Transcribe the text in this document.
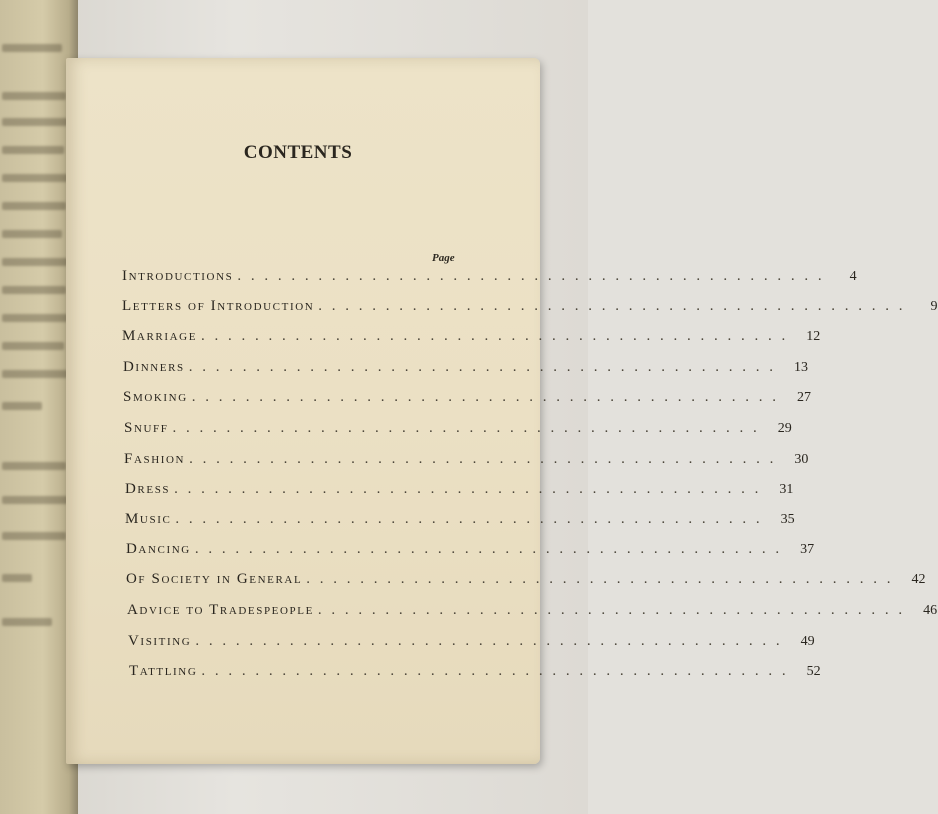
CONTENTS
Page
Introductions . . . . . . . . . . . . . . . . . . . . . . . . . . . . . . . . . . . . . . . . . . . .	4
Letters of Introduction . . . . . . . . . . . . . . . . . . . . . . . . . . . . . . . . . . . . . . . . . . . .	9
Marriage . . . . . . . . . . . . . . . . . . . . . . . . . . . . . . . . . . . . . . . . . . . .	12
Dinners . . . . . . . . . . . . . . . . . . . . . . . . . . . . . . . . . . . . . . . . . . . .	13
Smoking . . . . . . . . . . . . . . . . . . . . . . . . . . . . . . . . . . . . . . . . . . . .	27
Snuff . . . . . . . . . . . . . . . . . . . . . . . . . . . . . . . . . . . . . . . . . . . .	29
Fashion . . . . . . . . . . . . . . . . . . . . . . . . . . . . . . . . . . . . . . . . . . . .	30
Dress . . . . . . . . . . . . . . . . . . . . . . . . . . . . . . . . . . . . . . . . . . . .	31
Music . . . . . . . . . . . . . . . . . . . . . . . . . . . . . . . . . . . . . . . . . . . .	35
Dancing . . . . . . . . . . . . . . . . . . . . . . . . . . . . . . . . . . . . . . . . . . . .	37
Of Society in General . . . . . . . . . . . . . . . . . . . . . . . . . . . . . . . . . . . . . . . . . . . .	42
Advice to Tradespeople . . . . . . . . . . . . . . . . . . . . . . . . . . . . . . . . . . . . . . . . . . . .	46
Visiting . . . . . . . . . . . . . . . . . . . . . . . . . . . . . . . . . . . . . . . . . . . .	49
Tattling . . . . . . . . . . . . . . . . . . . . . . . . . . . . . . . . . . . . . . . . . . . .	52
